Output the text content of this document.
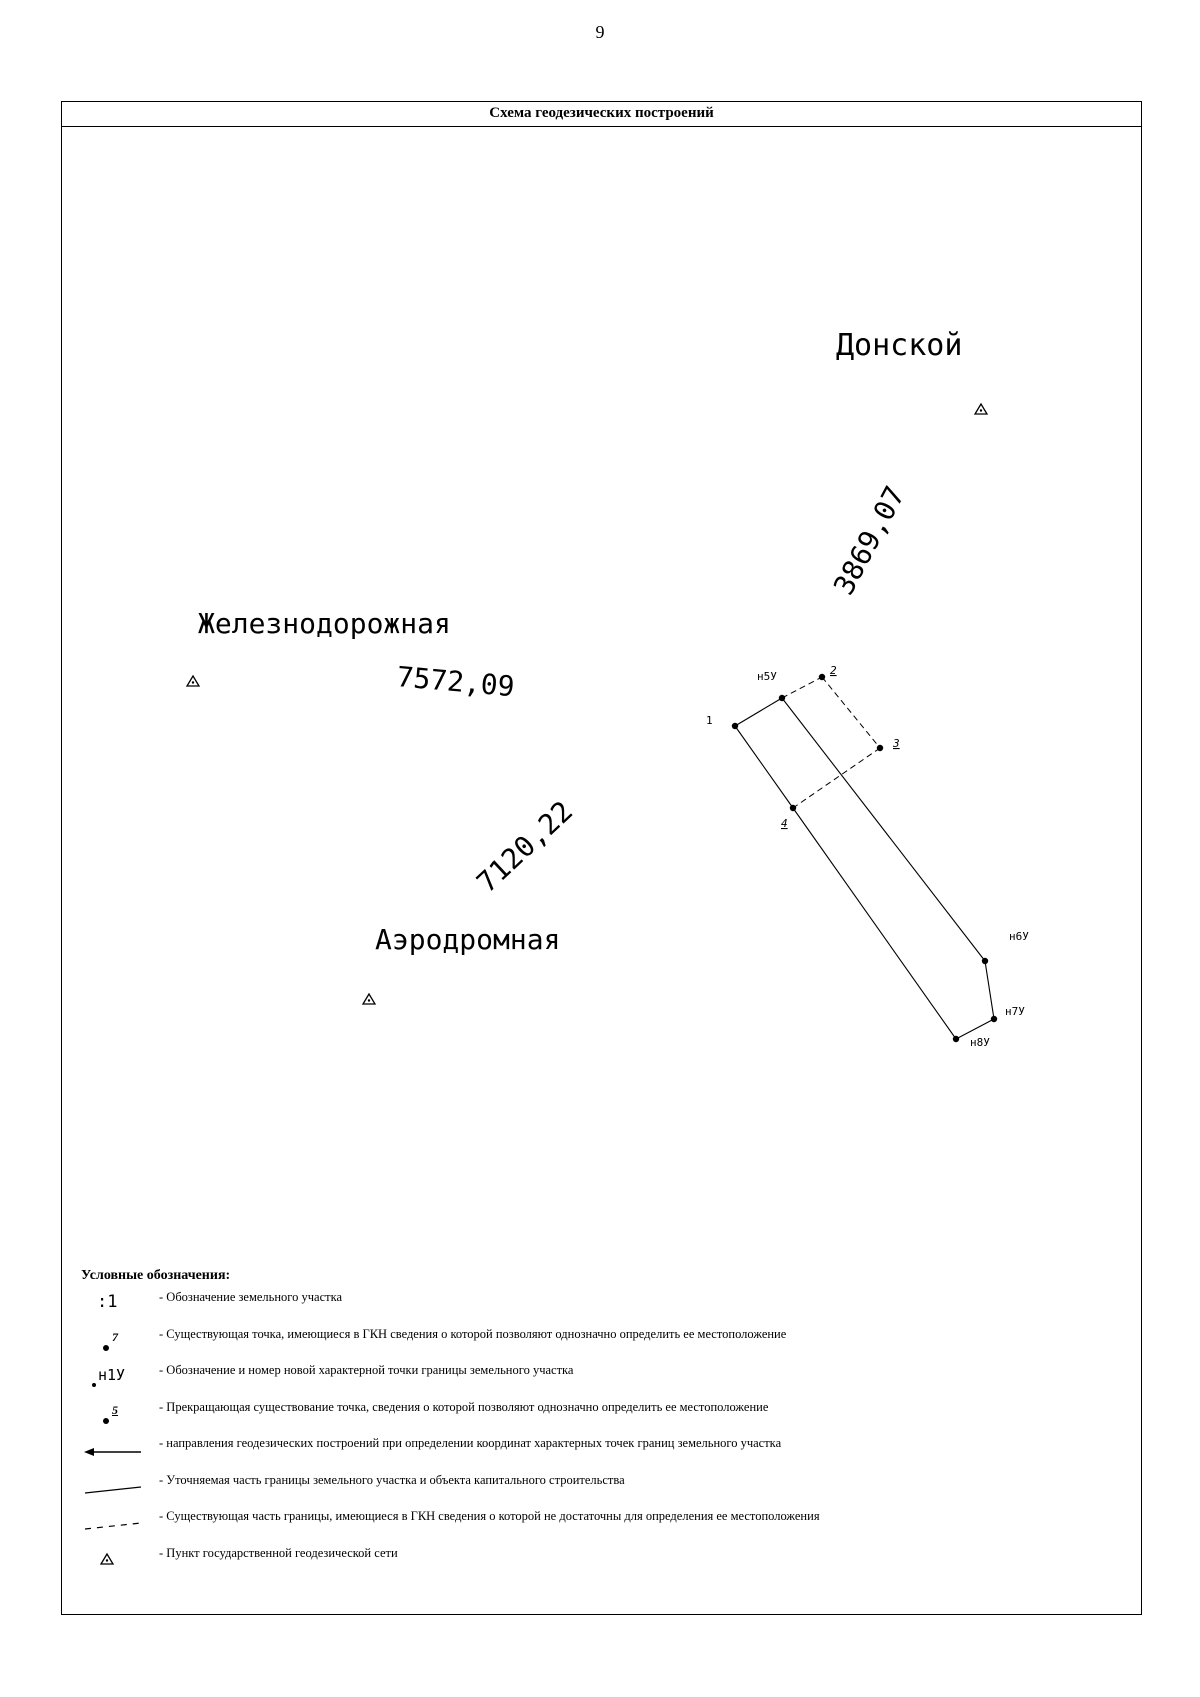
9
Схема геодезических построений
Донской
Железнодорожная
Аэродромная
3869,07
7572,09
7120,22
1
н5У	2
3
4
н6У
н7У
н8У
Условные обозначения:
:1	- Обозначение земельного участка
7	- Существующая точка, имеющиеся в ГКН сведения о которой позволяют однозначно определить ее местоположение
н1У	- Обозначение и номер новой характерной точки границы земельного участка
5	- Прекращающая существование точка, сведения о которой позволяют однозначно определить ее местоположение
- направления геодезических построений при определении координат характерных точек границ земельного участка
- Уточняемая часть границы земельного участка и объекта капитального строительства
- Существующая часть границы, имеющиеся в ГКН сведения о которой не достаточны для определения ее местоположения
- Пункт государственной геодезической сети
